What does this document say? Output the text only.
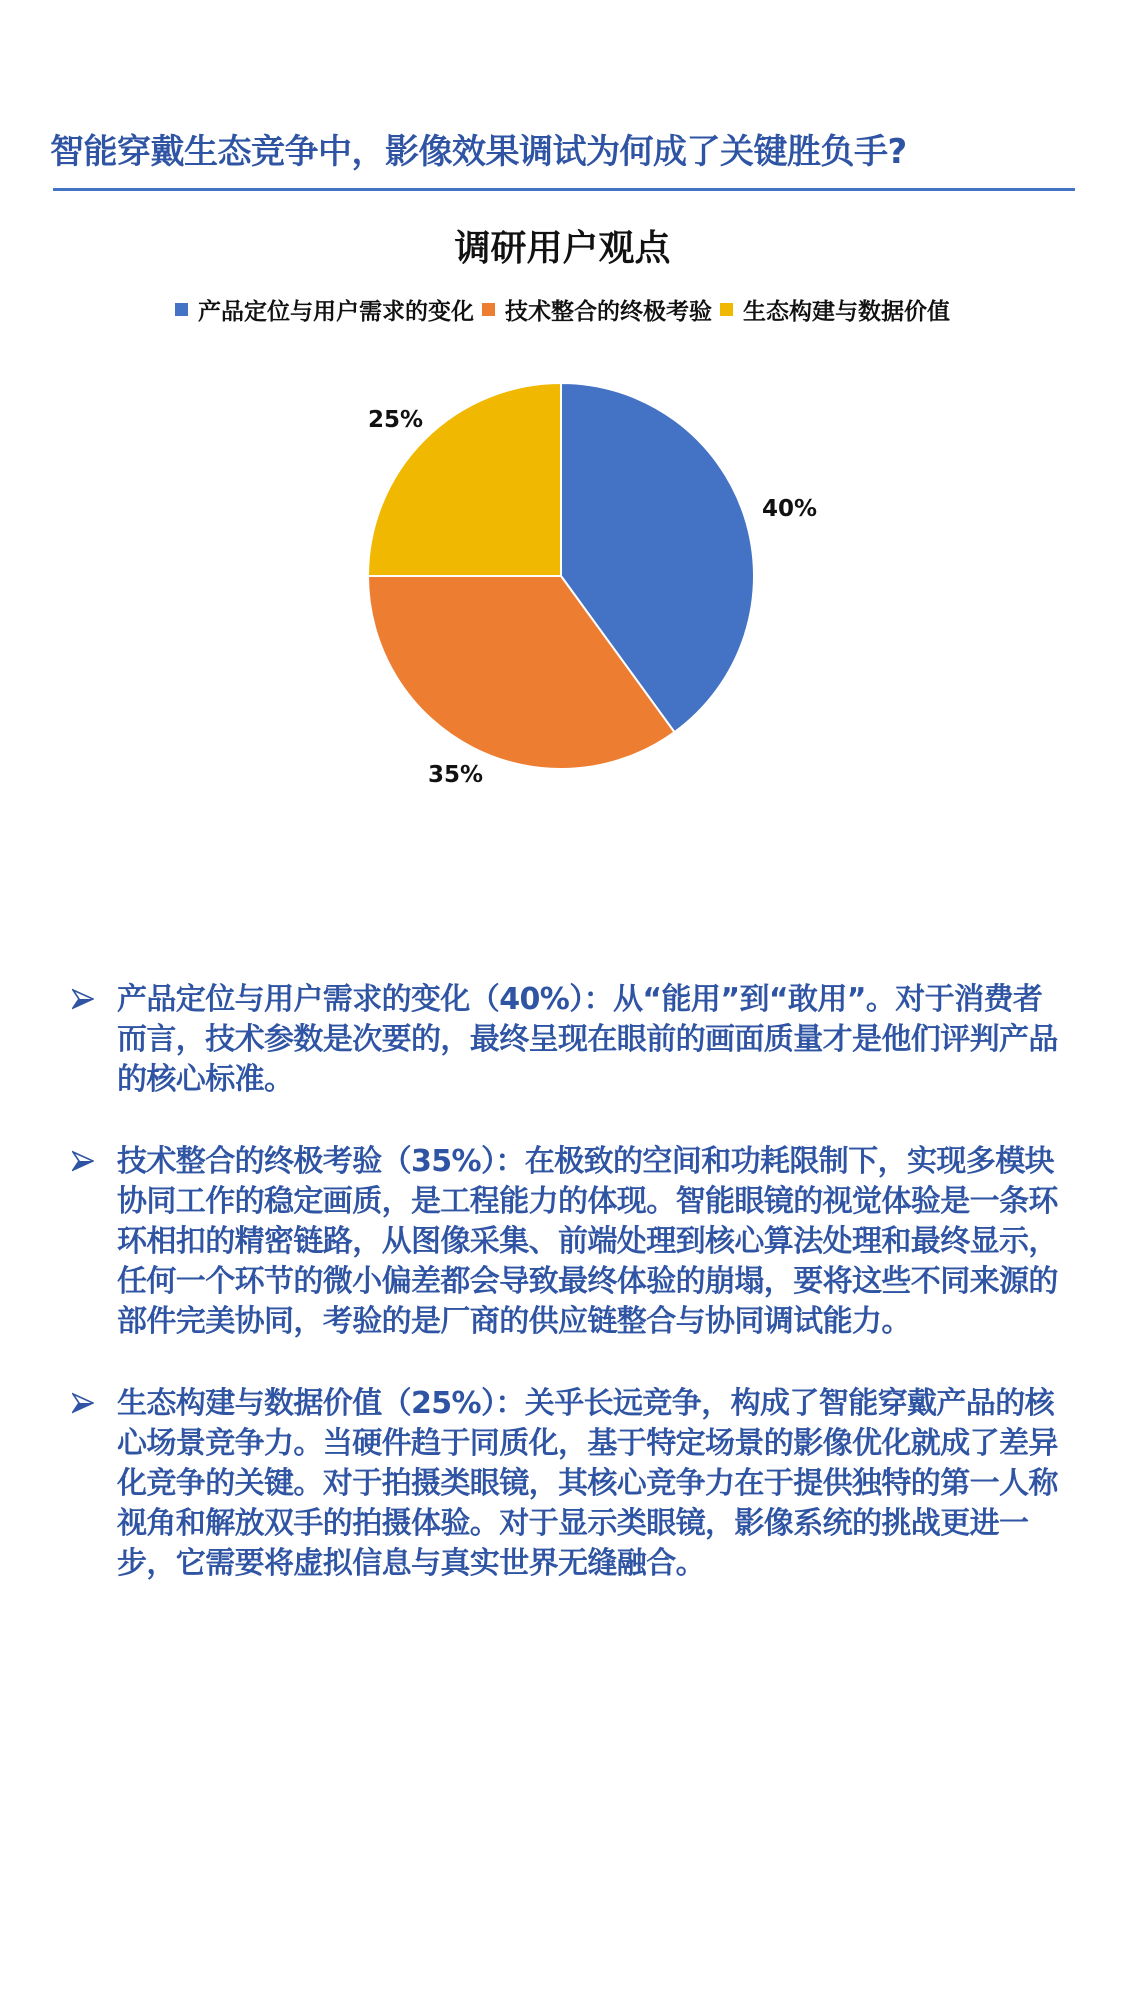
智能穿戴生态竞争中，影像效果调试为何成了关键胜负手?
调研用户观点
产品定位与用户需求的变化 技术整合的终极考验 生态构建与数据价值
40%
35%
25%
产品定位与用户需求的变化（40%）：从“能用”到“敢用”。对于消费者而言，技术参数是次要的，最终呈现在眼前的画面质量才是他们评判产品的核心标准。
技术整合的终极考验（35%）：在极致的空间和功耗限制下，实现多模块协同工作的稳定画质，是工程能力的体现。智能眼镜的视觉体验是一条环环相扣的精密链路，从图像采集、前端处理到核心算法处理和最终显示，任何一个环节的微小偏差都会导致最终体验的崩塌，要将这些不同来源的部件完美协同，考验的是厂商的供应链整合与协同调试能力。
生态构建与数据价值（25%）：关乎长远竞争，构成了智能穿戴产品的核心场景竞争力。当硬件趋于同质化，基于特定场景的影像优化就成了差异化竞争的关键。对于拍摄类眼镜，其核心竞争力在于提供独特的第一人称视角和解放双手的拍摄体验。对于显示类眼镜，影像系统的挑战更进一步，它需要将虚拟信息与真实世界无缝融合。
